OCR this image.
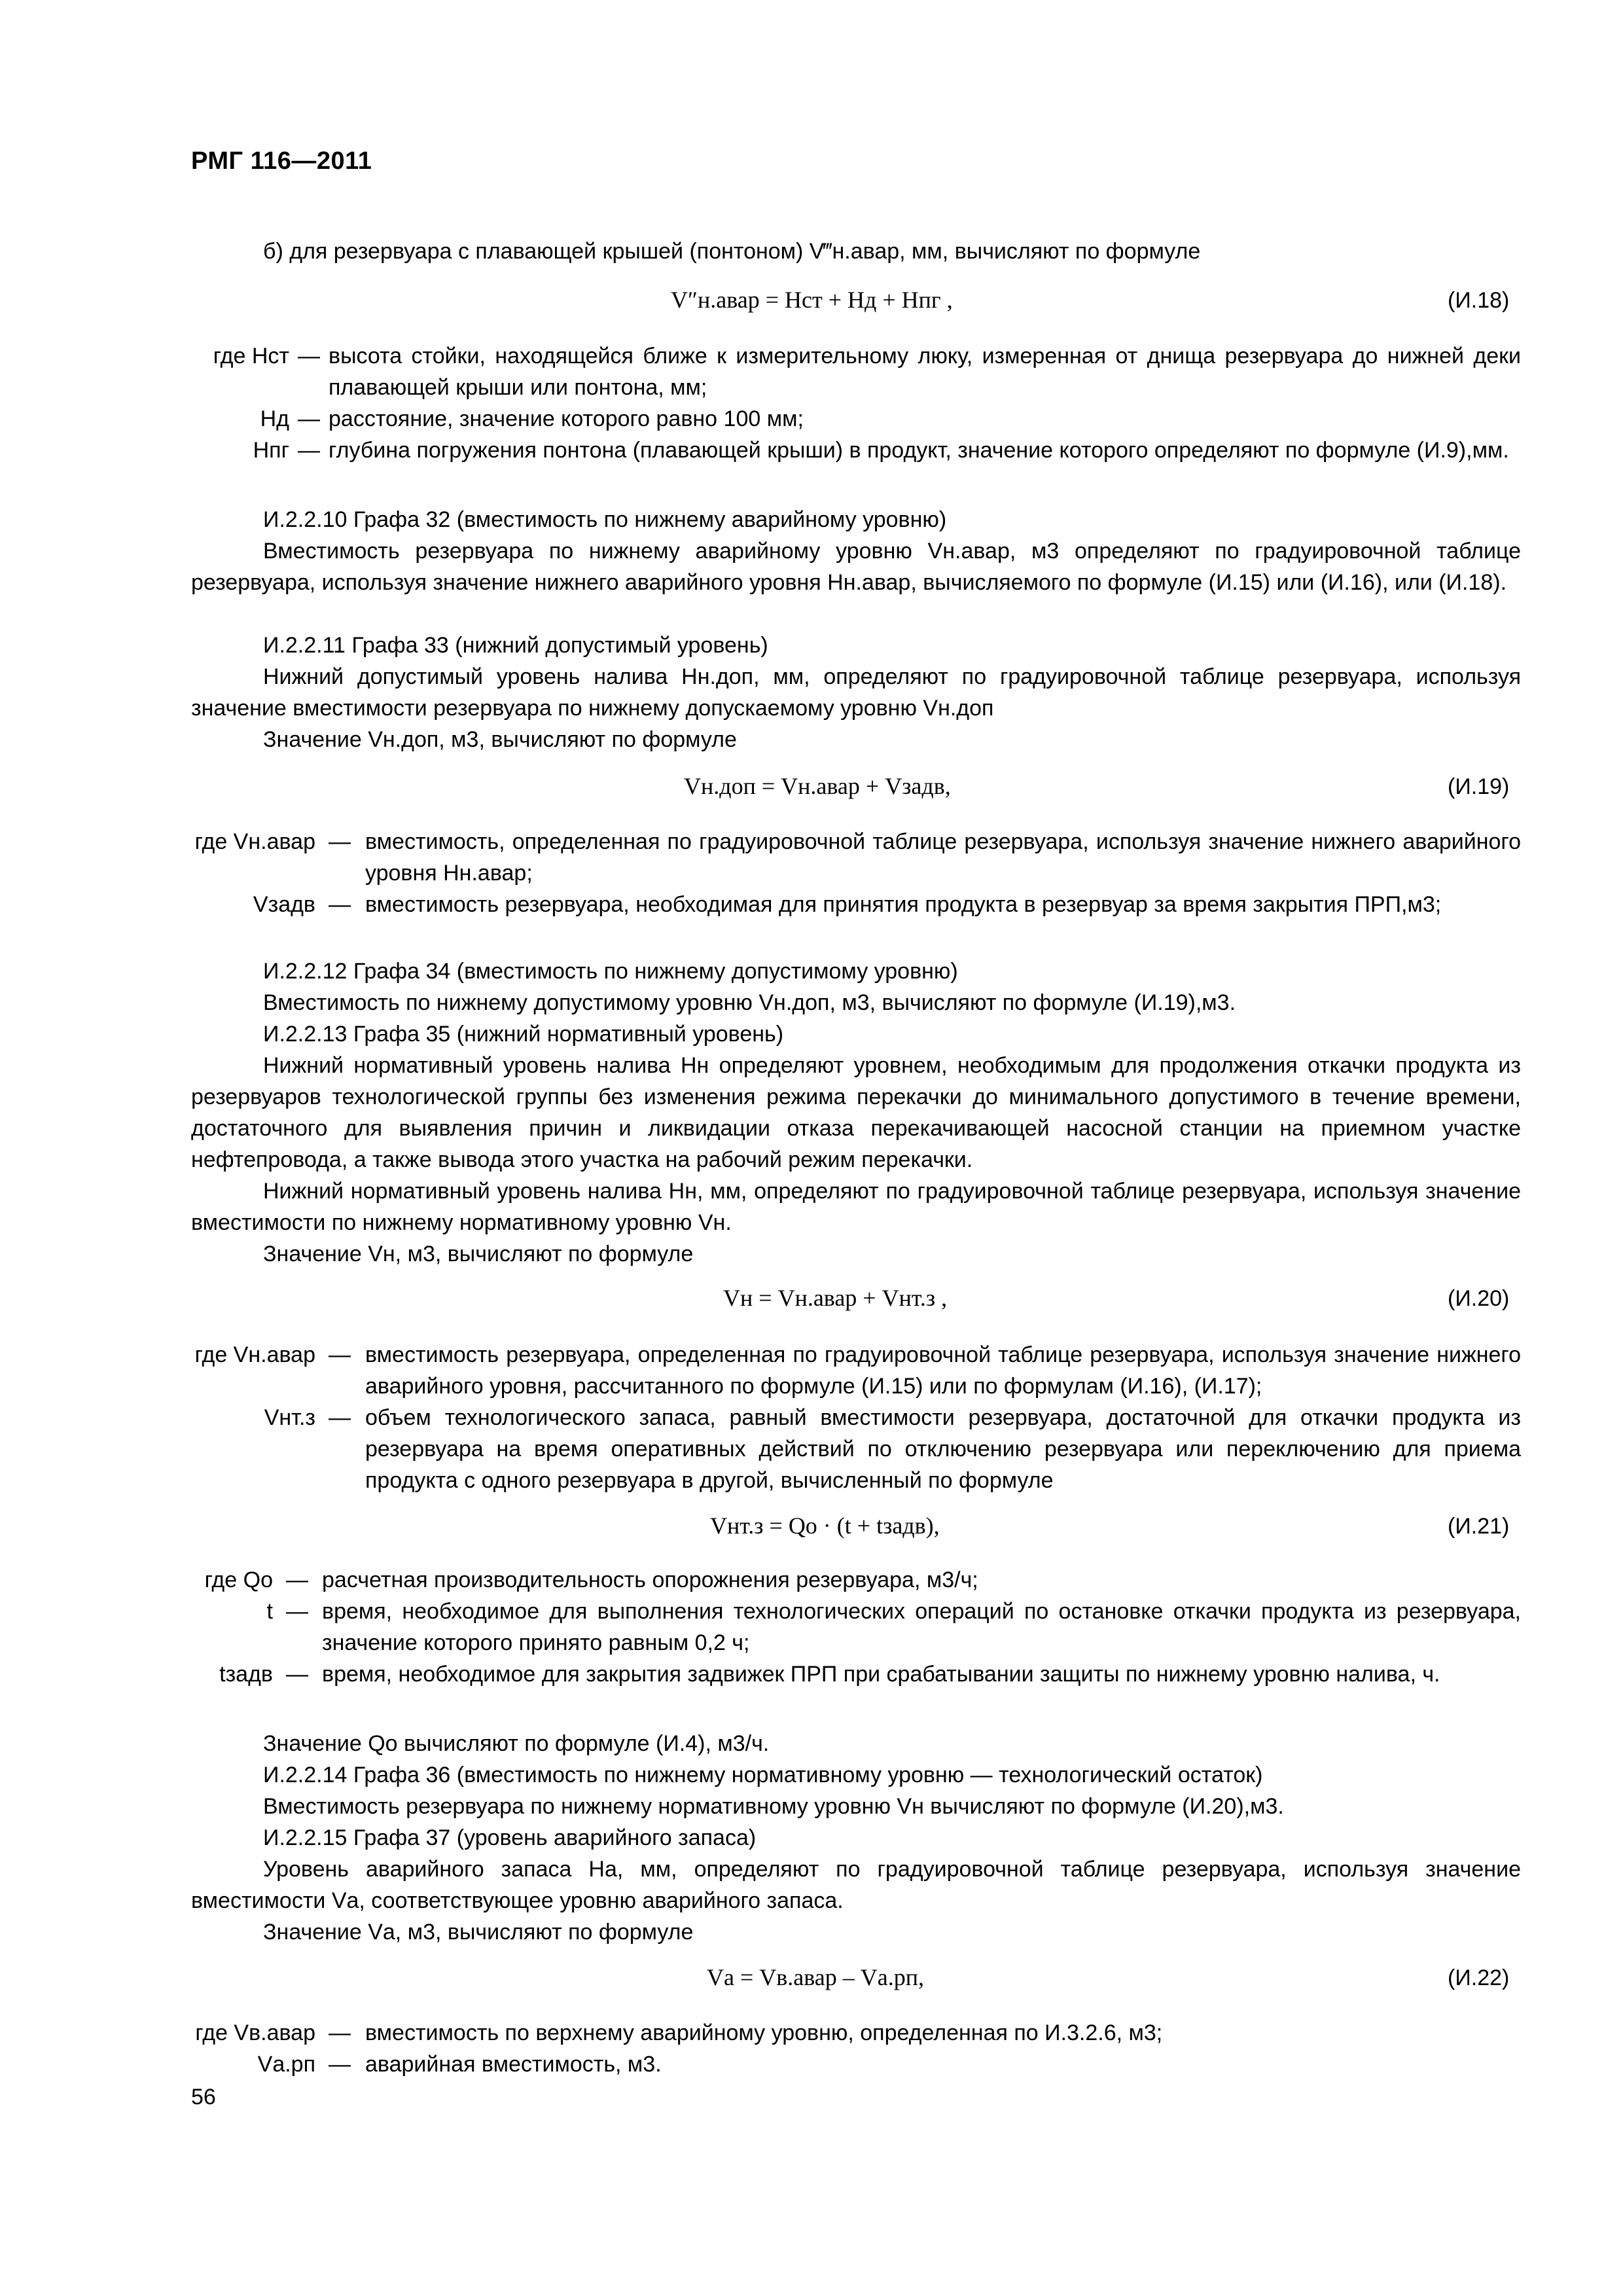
РМГ 116—2011
б) для резервуара с плавающей крышей (понтоном) V‴н.авар, мм, вычисляют по формуле
V″н.авар = Hст + Hд + Hпг ,	(И.18)
где Hст — высота стойки, находящейся ближе к измерительному люку, измеренная от днища резервуара до нижней деки плавающей крыши или понтона, мм;
Hд — расстояние, значение которого равно 100 мм;
Hпг — глубина погружения понтона (плавающей крыши) в продукт, значение которого определяют по формуле (И.9),мм.
И.2.2.10 Графа 32 (вместимость по нижнему аварийному уровню)
Вместимость резервуара по нижнему аварийному уровню Vн.авар, м3 определяют по градуировочной таблице резервуара, используя значение нижнего аварийного уровня Hн.авар, вычисляемого по формуле (И.15) или (И.16), или (И.18).
И.2.2.11 Графа 33 (нижний допустимый уровень)
Нижний допустимый уровень налива Hн.доп, мм, определяют по градуировочной таблице резервуара, используя значение вместимости резервуара по нижнему допускаемому уровню Vн.доп
Значение Vн.доп, м3, вычисляют по формуле
Vн.доп = Vн.авар + Vзадв,	(И.19)
где Vн.авар — вместимость, определенная по градуировочной таблице резервуара, используя значение нижнего аварийного уровня Hн.авар;
Vзадв — вместимость резервуара, необходимая для принятия продукта в резервуар за время закрытия ПРП,м3;
И.2.2.12 Графа 34 (вместимость по нижнему допустимому уровню)
Вместимость по нижнему допустимому уровню Vн.доп, м3, вычисляют по формуле (И.19),м3.
И.2.2.13 Графа 35 (нижний нормативный уровень)
Нижний нормативный уровень налива Hн определяют уровнем, необходимым для продолжения откачки продукта из резервуаров технологической группы без изменения режима перекачки до минимального допустимого в течение времени, достаточного для выявления причин и ликвидации отказа перекачивающей насосной станции на приемном участке нефтепровода, а также вывода этого участка на рабочий режим перекачки.
Нижний нормативный уровень налива Hн, мм, определяют по градуировочной таблице резервуара, используя значение вместимости по нижнему нормативному уровню Vн.
Значение Vн, м3, вычисляют по формуле
Vн = Vн.авар + Vнт.з ,	(И.20)
где Vн.авар — вместимость резервуара, определенная по градуировочной таблице резервуара, используя значение нижнего аварийного уровня, рассчитанного по формуле (И.15) или по формулам (И.16), (И.17);
Vнт.з — объем технологического запаса, равный вместимости резервуара, достаточной для откачки продукта из резервуара на время оперативных действий по отключению резервуара или переключению для приема продукта с одного резервуара в другой, вычисленный по формуле
Vнт.з = Qо · (t + tзадв),	(И.21)
где Qо — расчетная производительность опорожнения резервуара, м3/ч;
t — время, необходимое для выполнения технологических операций по остановке откачки продукта из резервуара, значение которого принято равным 0,2 ч;
tзадв — время, необходимое для закрытия задвижек ПРП при срабатывании защиты по нижнему уровню налива, ч.
Значение Qо вычисляют по формуле (И.4), м3/ч.
И.2.2.14 Графа 36 (вместимость по нижнему нормативному уровню — технологический остаток)
Вместимость резервуара по нижнему нормативному уровню Vн вычисляют по формуле (И.20),м3.
И.2.2.15 Графа 37 (уровень аварийного запаса)
Уровень аварийного запаса Hа, мм, определяют по градуировочной таблице резервуара, используя значение вместимости Vа, соответствующее уровню аварийного запаса.
Значение Vа, м3, вычисляют по формуле
Vа = Vв.авар – Vа.рп,	(И.22)
где Vв.авар — вместимость по верхнему аварийному уровню, определенная по И.3.2.6, м3;
Vа.рп — аварийная вместимость, м3.
56
